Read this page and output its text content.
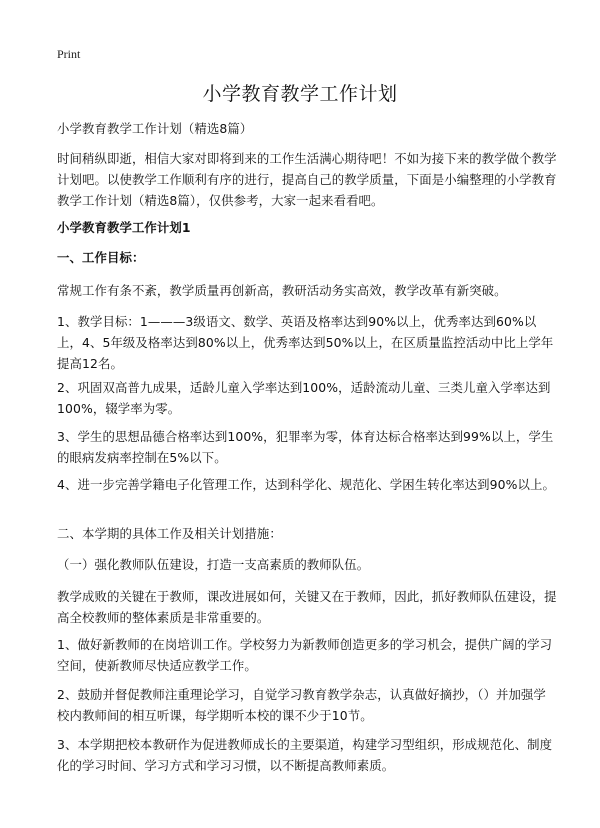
Print
小学教育教学工作计划

小学教育教学工作计划（精选8篇）

时间稍纵即逝，相信大家对即将到来的工作生活满心期待吧！不如为接下来的教学做个教学计划吧。以使教学工作顺利有序的进行，提高自己的教学质量，下面是小编整理的小学教育教学工作计划（精选8篇），仅供参考，大家一起来看看吧。

小学教育教学工作计划1

一、工作目标：

常规工作有条不紊，教学质量再创新高，教研活动务实高效，教学改革有新突破。

1、教学目标：1———3级语文、数学、英语及格率达到90%以上，优秀率达到60%以上，4、5年级及格率达到80%以上，优秀率达到50%以上，在区质量监控活动中比上学年提高12名。

2、巩固双高普九成果，适龄儿童入学率达到100%，适龄流动儿童、三类儿童入学率达到100%，辍学率为零。

3、学生的思想品德合格率达到100%，犯罪率为零，体育达标合格率达到99%以上，学生的眼病发病率控制在5%以下。

4、进一步完善学籍电子化管理工作，达到科学化、规范化、学困生转化率达到90%以上。

二、本学期的具体工作及相关计划措施：

（一）强化教师队伍建设，打造一支高素质的教师队伍。

教学成败的关键在于教师，课改进展如何，关键又在于教师，因此，抓好教师队伍建设，提高全校教师的整体素质是非常重要的。

1、做好新教师的在岗培训工作。学校努力为新教师创造更多的学习机会，提供广阔的学习空间，使新教师尽快适应教学工作。

2、鼓励并督促教师注重理论学习，自觉学习教育教学杂志，认真做好摘抄，（）并加强学校内教师间的相互听课，每学期听本校的课不少于10节。

3、本学期把校本教研作为促进教师成长的主要渠道，构建学习型组织，形成规范化、制度化的学习时间、学习方式和学习习惯，以不断提高教师素质。
